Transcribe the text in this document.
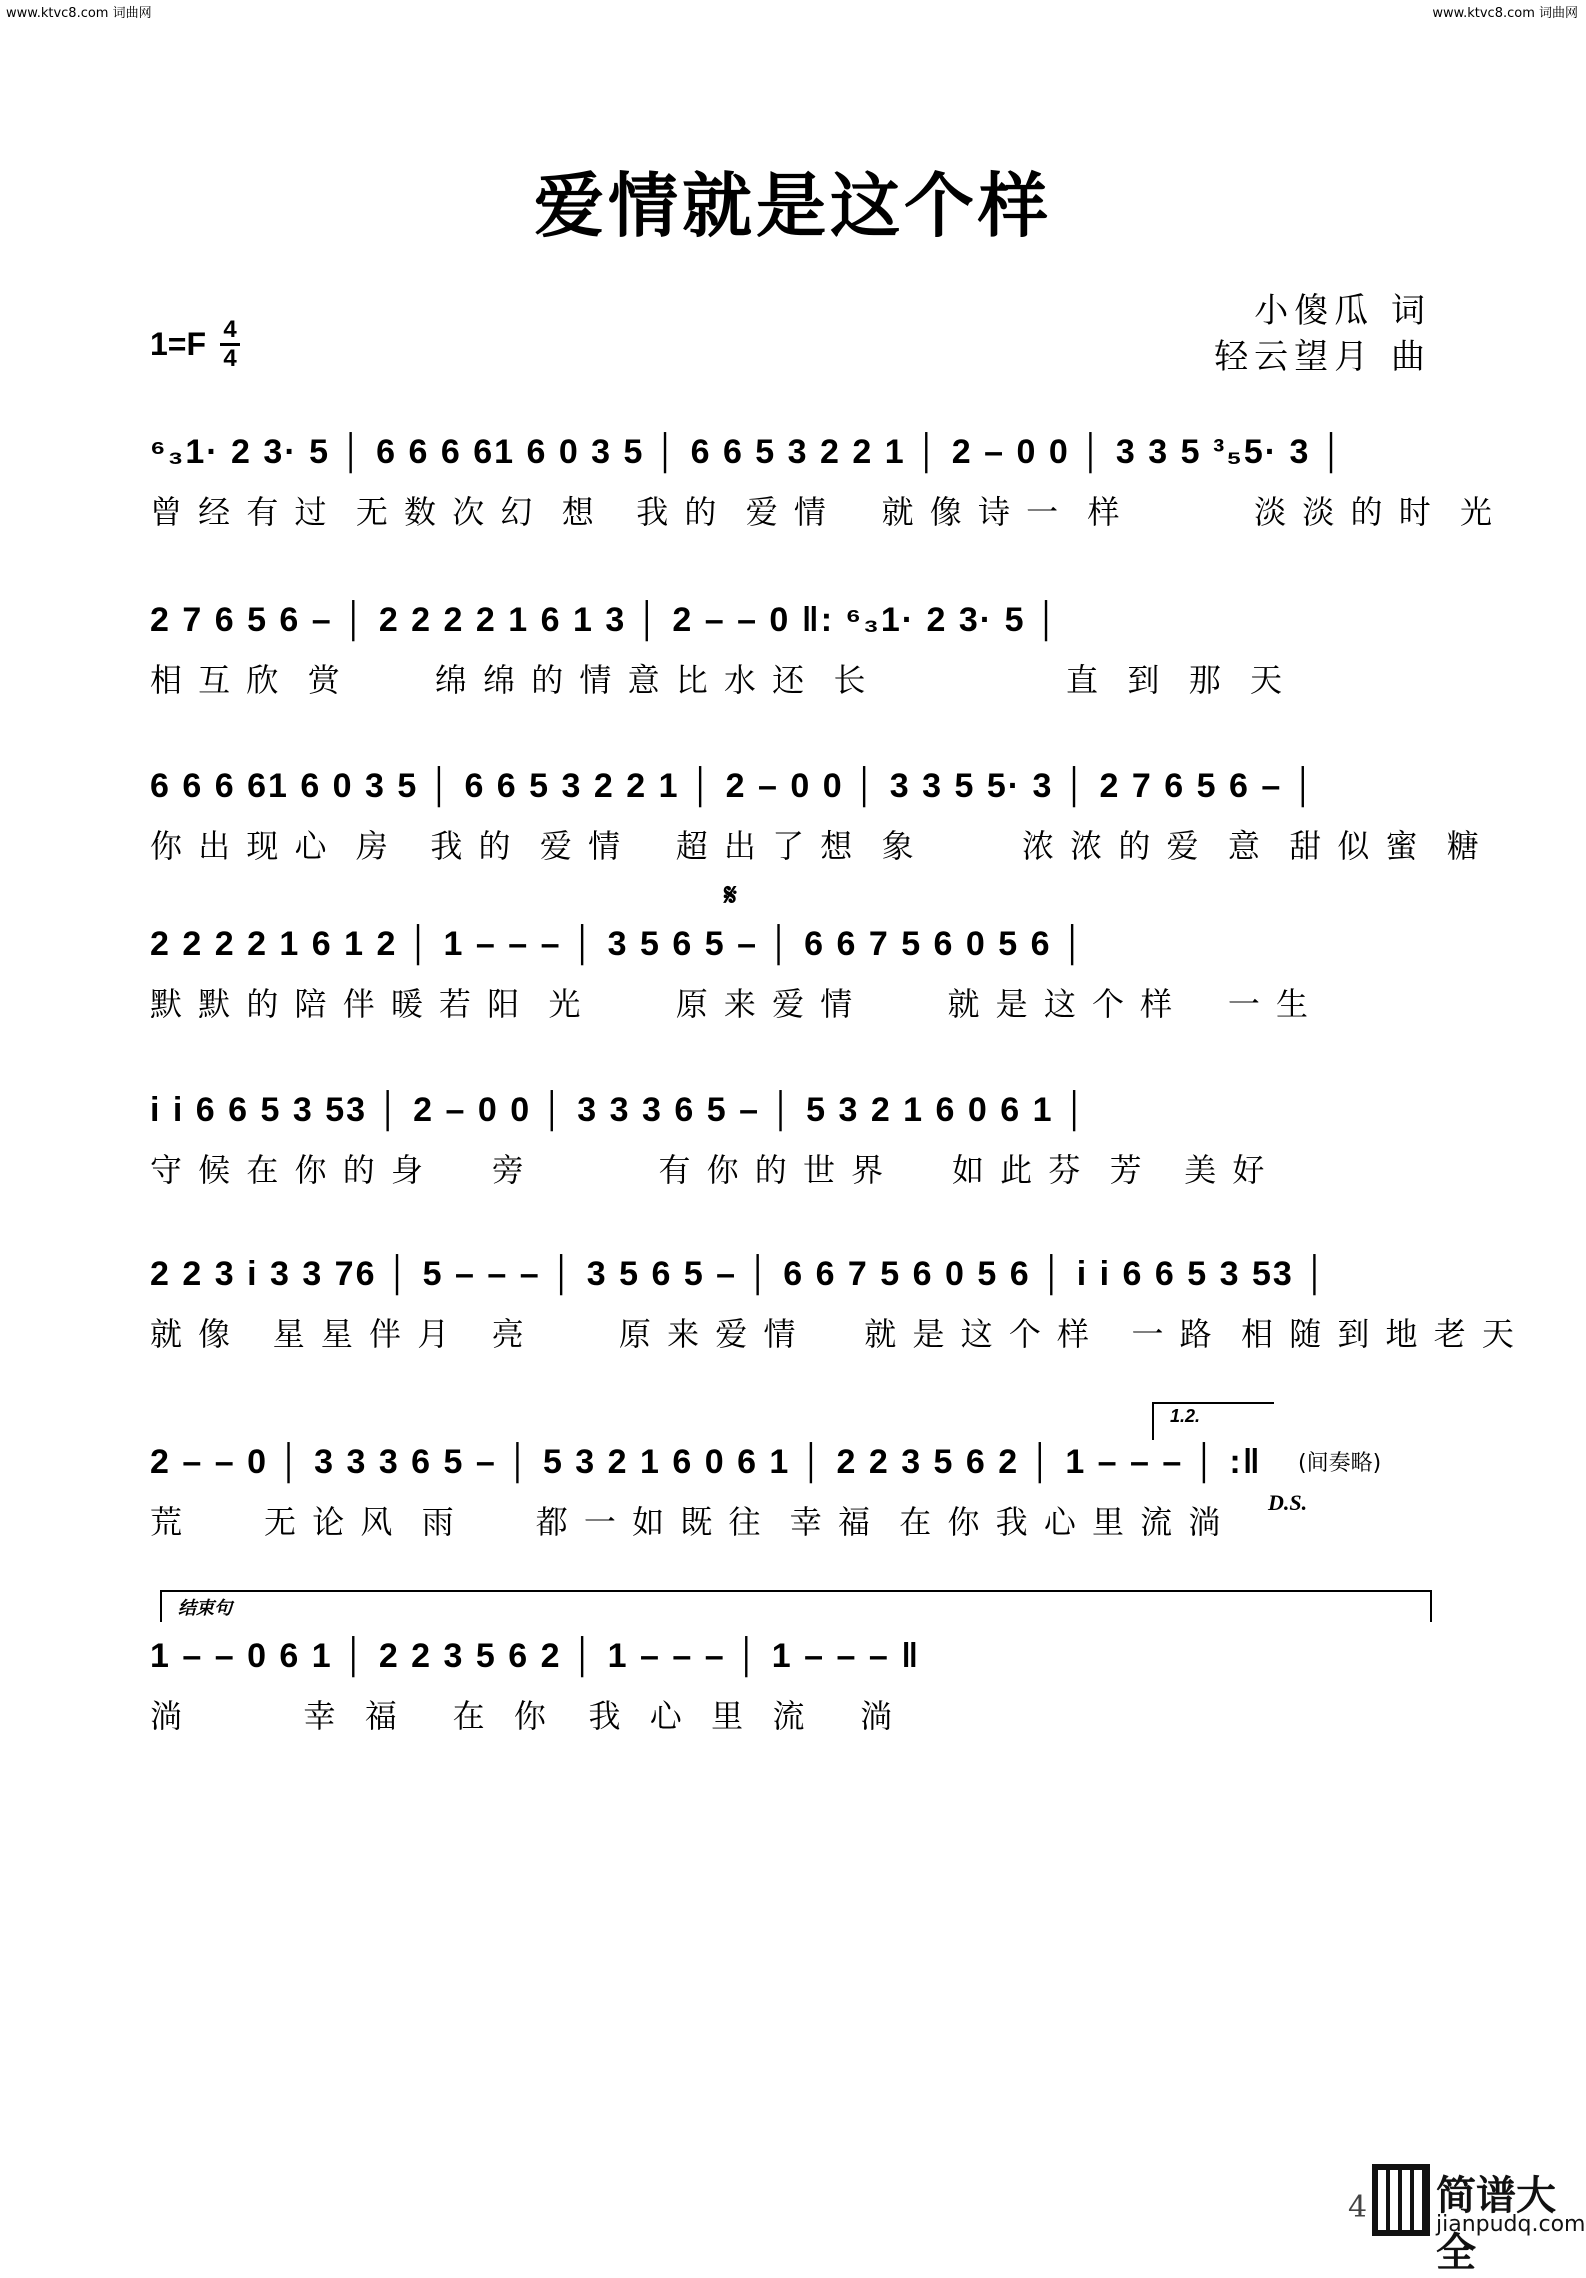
www.ktvc8.com 词曲网	www.ktvc8.com 词曲网
爱情就是这个样
小傻瓜 词
轻云望月 曲
$1=F \frac{4}{4}$
⁶₃1· 2 3· 5 │ 6 6 6 61 6 0 3 5 │ 6 6 5 3 2 2 1 │ 2 – 0 0 │ 3 3 5 ³₅5· 3 │
曾 经 有 过  无 数 次 幻  想   我 的  爱 情    就 像 诗 一  样          淡 淡 的 时  光
2 7 6 5 6 – │ 2 2 2 2 1 6 1 3 │ 2 – – 0 ‖: ⁶₃1· 2 3· 5 │
相 互 欣  赏       绵 绵 的 情 意 比 水 还  长               直  到  那  天
6 6 6 61 6 0 3 5 │ 6 6 5 3 2 2 1 │ 2 – 0 0 │ 3 3 5 5· 3 │ 2 7 6 5 6 – │
你 出 现 心  房   我 的  爱 情    超 出 了 想  象        浓 浓 的 爱  意  甜 似 蜜  糖
𝄋
2 2 2 2 1 6 1 2 │ 1 – – – │ 3 5 6 5 – │ 6 6 7 5 6 0 5 6 │
默 默 的 陪 伴 暖 若 阳  光       原 来 爱 情       就 是 这 个 样    一 生
i i 6 6 5 3 53 │ 2 – 0 0 │ 3 3 3 6 5 – │ 5 3 2 1 6 0 6 1 │
守 候 在 你 的 身     旁          有 你 的 世 界     如 此 芬  芳   美 好
2 2 3 i 3 3 76 │ 5 – – – │ 3 5 6 5 – │ 6 6 7 5 6 0 5 6 │ i i 6 6 5 3 53 │
就 像   星 星 伴 月   亮       原 来 爱 情     就 是 这 个 样   一 路  相 随 到 地 老 天
1.2.
2 – – 0 │ 3 3 3 6 5 – │ 5 3 2 1 6 0 6 1 │ 2 2 3 5 6 2 │ 1 – – – │ :‖
荒      无 论 风  雨      都 一 如 既 往  幸 福  在 你 我 心 里 流 淌
(间奏略)
D.S.
结束句
1 – – 0 6 1 │ 2 2 3 5 6 2 │ 1 – – – │ 1 – – – ‖
淌         幸  福    在  你   我  心  里  流    淌
4 简谱大全
jianpudq.com
